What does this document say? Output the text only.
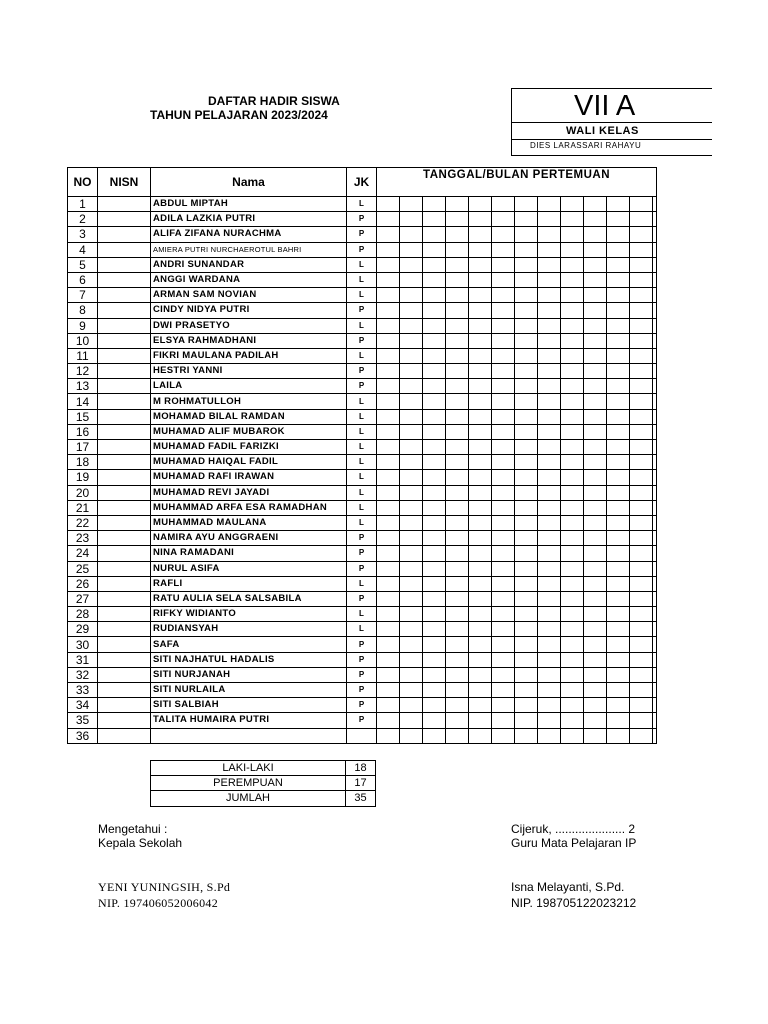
DAFTAR HADIR SISWA
TAHUN PELAJARAN 2023/2024	VII A
WALI KELAS
DIES LARASSARI RAHAYU
NO	NISN	Nama	JK	TANGGAL/BULAN PERTEMUAN												
1		ABDUL MIPTAH	L													
2		ADILA LAZKIA PUTRI	P													
3		ALIFA ZIFANA NURACHMA	P													
4		AMIERA PUTRI NURCHAEROTUL BAHRI	P													
5		ANDRI SUNANDAR	L													
6		ANGGI WARDANA	L													
7		ARMAN SAM NOVIAN	L													
8		CINDY NIDYA PUTRI	P													
9		DWI PRASETYO	L													
10		ELSYA RAHMADHANI	P													
11		FIKRI MAULANA PADILAH	L													
12		HESTRI YANNI	P													
13		LAILA	P													
14		M ROHMATULLOH	L													
15		MOHAMAD BILAL RAMDAN	L													
16		MUHAMAD ALIF MUBAROK	L													
17		MUHAMAD FADIL FARIZKI	L													
18		MUHAMAD HAIQAL FADIL	L													
19		MUHAMAD RAFI IRAWAN	L													
20		MUHAMAD REVI JAYADI	L													
21		MUHAMMAD ARFA ESA RAMADHAN	L													
22		MUHAMMAD MAULANA	L													
23		NAMIRA AYU ANGGRAENI	P													
24		NINA RAMADANI	P													
25		NURUL ASIFA	P													
26		RAFLI	L													
27		RATU AULIA SELA SALSABILA	P													
28		RIFKY WIDIANTO	L													
29		RUDIANSYAH	L													
30		SAFA	P													
31		SITI NAJHATUL HADALIS	P													
32		SITI NURJANAH	P													
33		SITI NURLAILA	P													
34		SITI SALBIAH	P													
35		TALITA HUMAIRA PUTRI	P													
36																
LAKI-LAKI	18
PEREMPUAN	17
JUMLAH	35
Mengetahui :
Kepala Sekolah
YENI YUNINGSIH, S.Pd
NIP. 197406052006042
Cijeruk, ..................... 2
Guru Mata Pelajaran IP
Isna Melayanti, S.Pd.
NIP. 198705122023212
